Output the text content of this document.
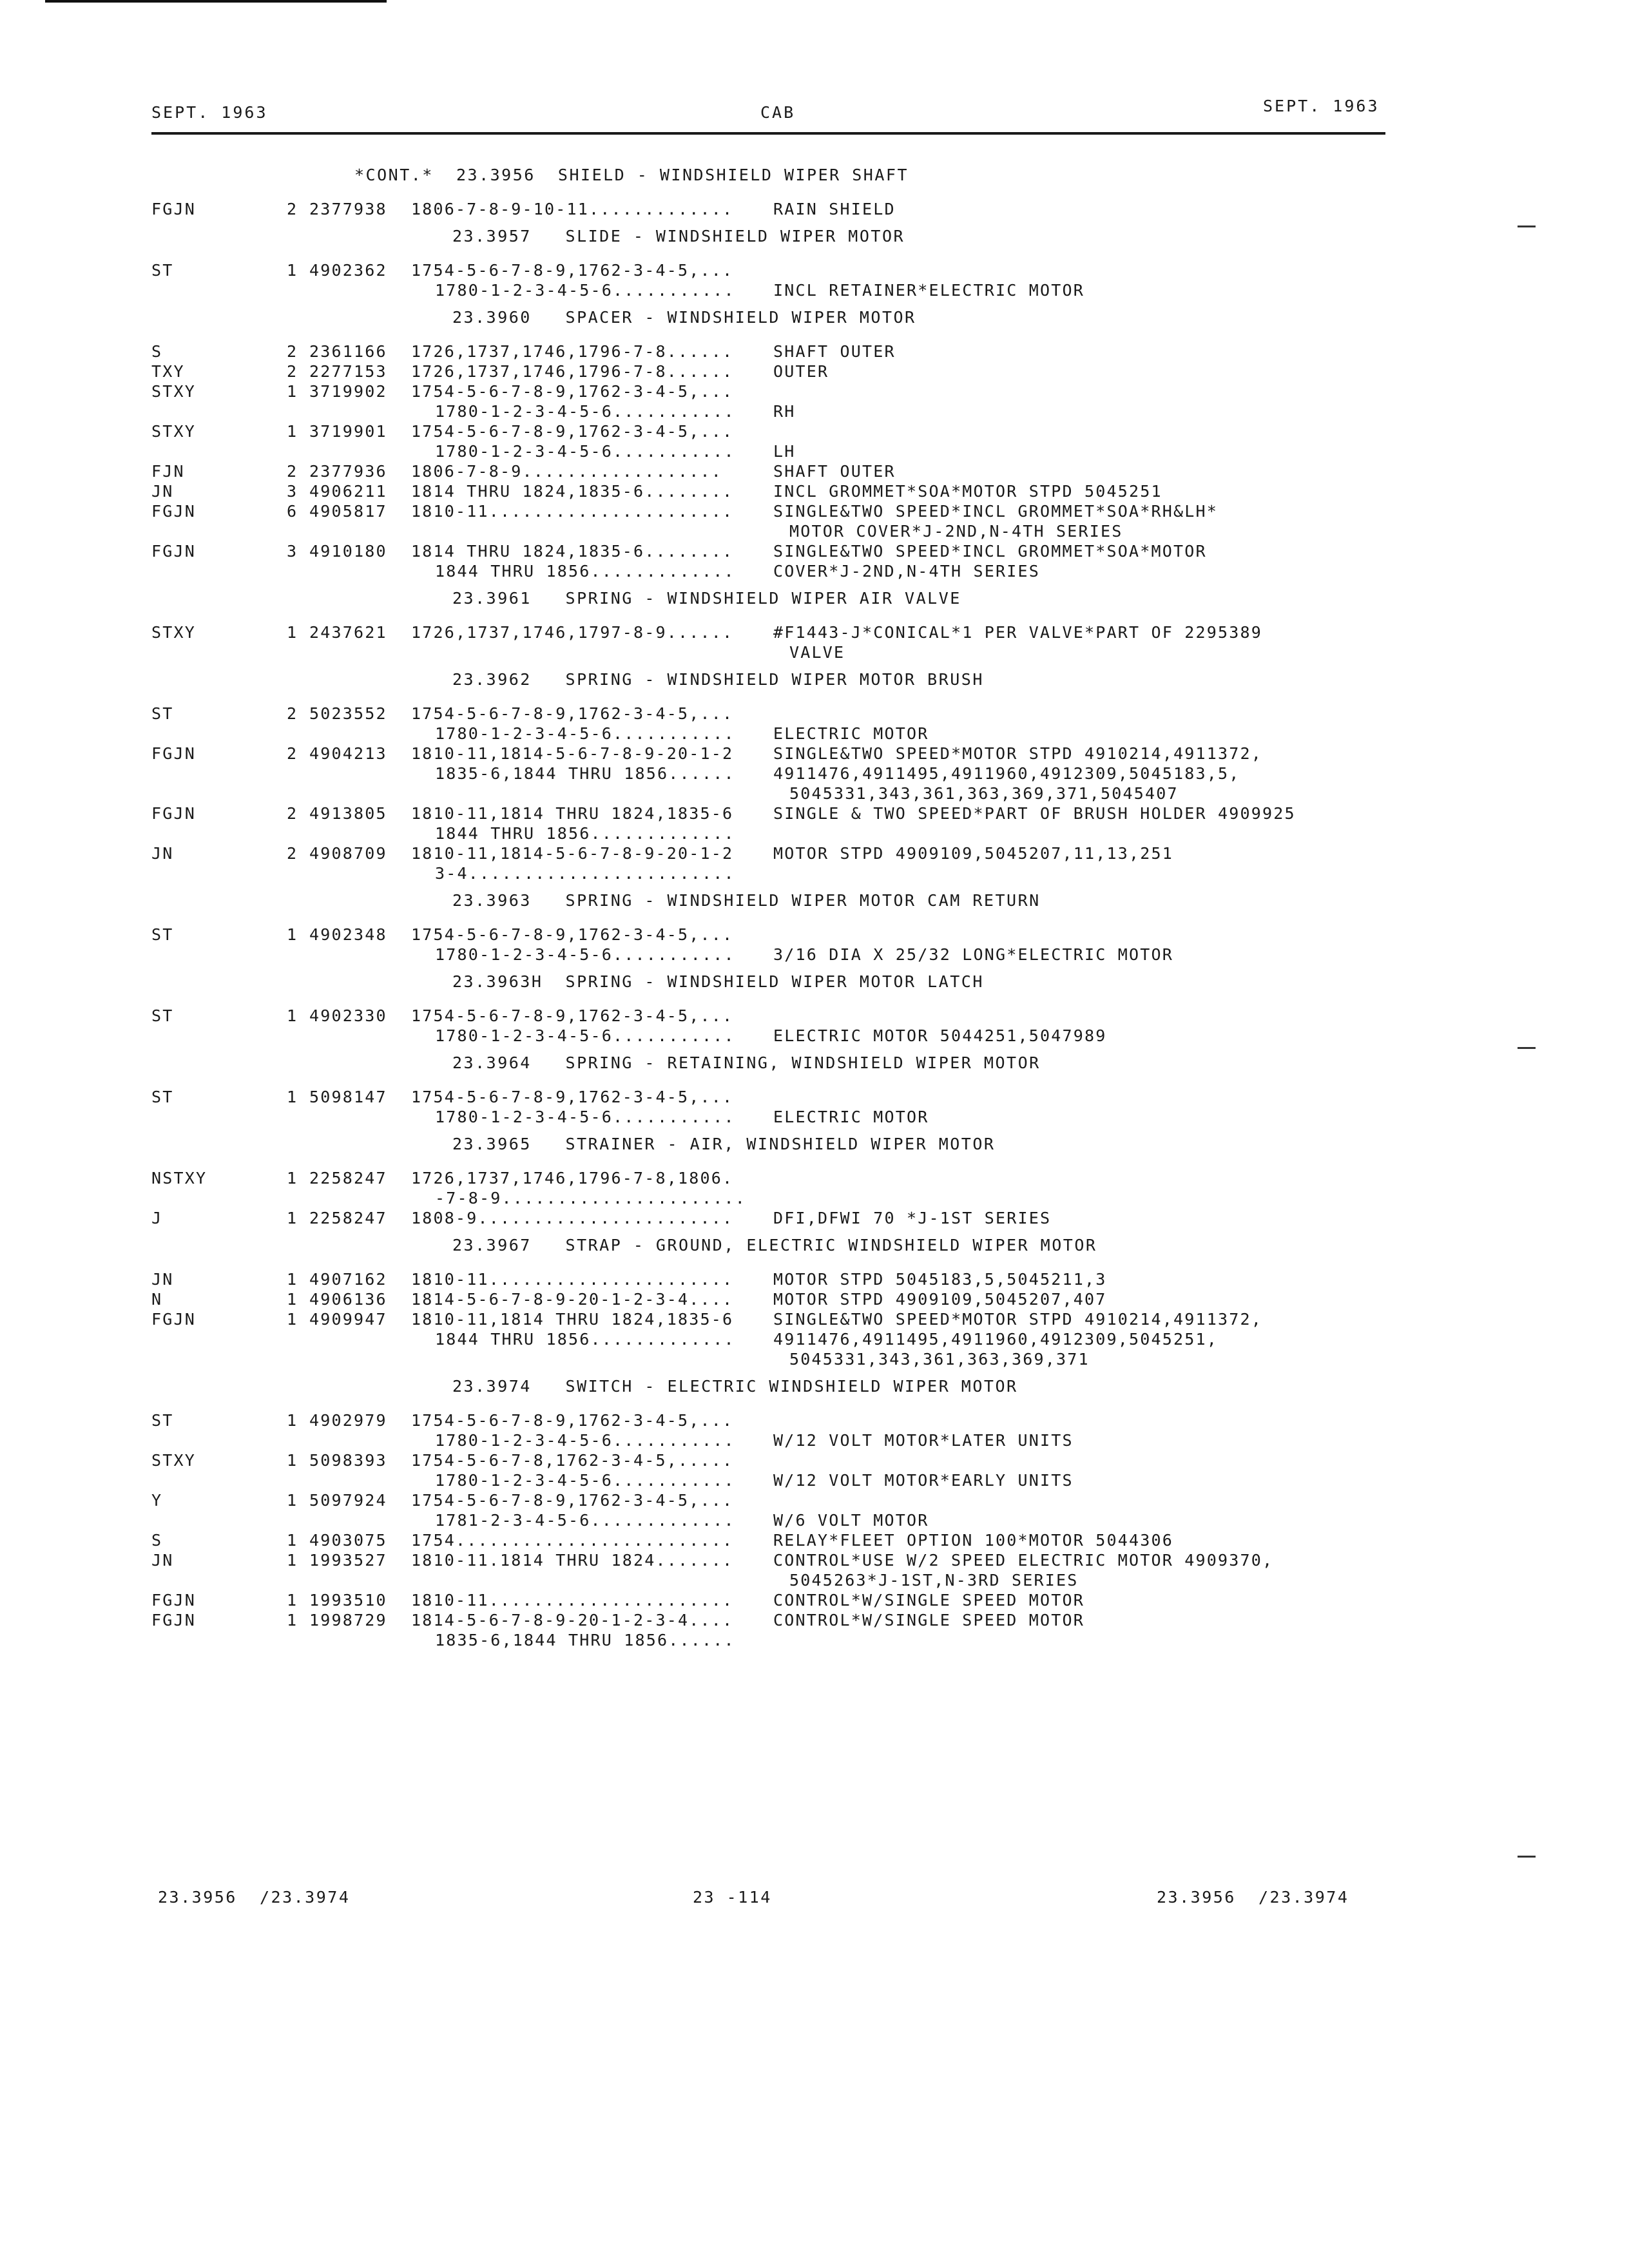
SEPT. 1963	CAB	SEPT. 1963
*CONT.*  23.3956  SHIELD - WINDSHIELD WIPER SHAFT
FGJN	2 2377938 1806-7-8-9-10-11............. RAIN SHIELD
23.3957   SLIDE - WINDSHIELD WIPER MOTOR
ST	1 4902362 1754-5-6-7-8-9,1762-3-4-5,...
1780-1-2-3-4-5-6........... INCL RETAINER*ELECTRIC MOTOR
23.3960   SPACER - WINDSHIELD WIPER MOTOR
S	2 2361166 1726,1737,1746,1796-7-8...... SHAFT OUTER
TXY	2 2277153 1726,1737,1746,1796-7-8...... OUTER
STXY	1 3719902 1754-5-6-7-8-9,1762-3-4-5,...
1780-1-2-3-4-5-6........... RH
STXY	1 3719901 1754-5-6-7-8-9,1762-3-4-5,...
1780-1-2-3-4-5-6........... LH
FJN	2 2377936 1806-7-8-9..................	SHAFT OUTER
JN	3 4906211 1814 THRU 1824,1835-6........ INCL GROMMET*SOA*MOTOR STPD 5045251
FGJN	6 4905817 1810-11...................... SINGLE&TWO SPEED*INCL GROMMET*SOA*RH&LH*
MOTOR COVER*J-2ND,N-4TH SERIES
FGJN	3 4910180 1814 THRU 1824,1835-6........ SINGLE&TWO SPEED*INCL GROMMET*SOA*MOTOR
1844 THRU 1856............. COVER*J-2ND,N-4TH SERIES
23.3961   SPRING - WINDSHIELD WIPER AIR VALVE
STXY	1 2437621 1726,1737,1746,1797-8-9...... #F1443-J*CONICAL*1 PER VALVE*PART OF 2295389
VALVE
23.3962   SPRING - WINDSHIELD WIPER MOTOR BRUSH
ST	2 5023552 1754-5-6-7-8-9,1762-3-4-5,...
1780-1-2-3-4-5-6........... ELECTRIC MOTOR
FGJN	2 4904213 1810-11,1814-5-6-7-8-9-20-1-2 SINGLE&TWO SPEED*MOTOR STPD 4910214,4911372,
1835-6,1844 THRU 1856...... 4911476,4911495,4911960,4912309,5045183,5,
5045331,343,361,363,369,371,5045407
FGJN	2 4913805 1810-11,1814 THRU 1824,1835-6 SINGLE & TWO SPEED*PART OF BRUSH HOLDER 4909925
1844 THRU 1856.............
JN	2 4908709 1810-11,1814-5-6-7-8-9-20-1-2 MOTOR STPD 4909109,5045207,11,13,251
3-4........................
23.3963   SPRING - WINDSHIELD WIPER MOTOR CAM RETURN
ST	1 4902348 1754-5-6-7-8-9,1762-3-4-5,...
1780-1-2-3-4-5-6........... 3/16 DIA X 25/32 LONG*ELECTRIC MOTOR
23.3963H  SPRING - WINDSHIELD WIPER MOTOR LATCH
ST	1 4902330 1754-5-6-7-8-9,1762-3-4-5,...
1780-1-2-3-4-5-6........... ELECTRIC MOTOR 5044251,5047989
23.3964   SPRING - RETAINING, WINDSHIELD WIPER MOTOR
ST	1 5098147 1754-5-6-7-8-9,1762-3-4-5,...
1780-1-2-3-4-5-6........... ELECTRIC MOTOR
23.3965   STRAINER - AIR, WINDSHIELD WIPER MOTOR
NSTXY	1 2258247 1726,1737,1746,1796-7-8,1806.
-7-8-9......................
J	1 2258247 1808-9....................... DFI,DFWI 70 *J-1ST SERIES
23.3967   STRAP - GROUND, ELECTRIC WINDSHIELD WIPER MOTOR
JN	1 4907162 1810-11...................... MOTOR STPD 5045183,5,5045211,3
N	1 4906136 1814-5-6-7-8-9-20-1-2-3-4.... MOTOR STPD 4909109,5045207,407
FGJN	1 4909947 1810-11,1814 THRU 1824,1835-6 SINGLE&TWO SPEED*MOTOR STPD 4910214,4911372,
1844 THRU 1856............. 4911476,4911495,4911960,4912309,5045251,
5045331,343,361,363,369,371
23.3974   SWITCH - ELECTRIC WINDSHIELD WIPER MOTOR
ST	1 4902979 1754-5-6-7-8-9,1762-3-4-5,...
1780-1-2-3-4-5-6........... W/12 VOLT MOTOR*LATER UNITS
STXY	1 5098393 1754-5-6-7-8,1762-3-4-5,.....
1780-1-2-3-4-5-6........... W/12 VOLT MOTOR*EARLY UNITS
Y	1 5097924 1754-5-6-7-8-9,1762-3-4-5,...
1781-2-3-4-5-6............. W/6 VOLT MOTOR
S	1 4903075 1754......................... RELAY*FLEET OPTION 100*MOTOR 5044306
JN	1 1993527 1810-11.1814 THRU 1824....... CONTROL*USE W/2 SPEED ELECTRIC MOTOR 4909370,
5045263*J-1ST,N-3RD SERIES
FGJN	1 1993510 1810-11...................... CONTROL*W/SINGLE SPEED MOTOR
FGJN	1 1998729 1814-5-6-7-8-9-20-1-2-3-4.... CONTROL*W/SINGLE SPEED MOTOR
1835-6,1844 THRU 1856......
23.3956  /23.3974	23 -114	23.3956  /23.3974
